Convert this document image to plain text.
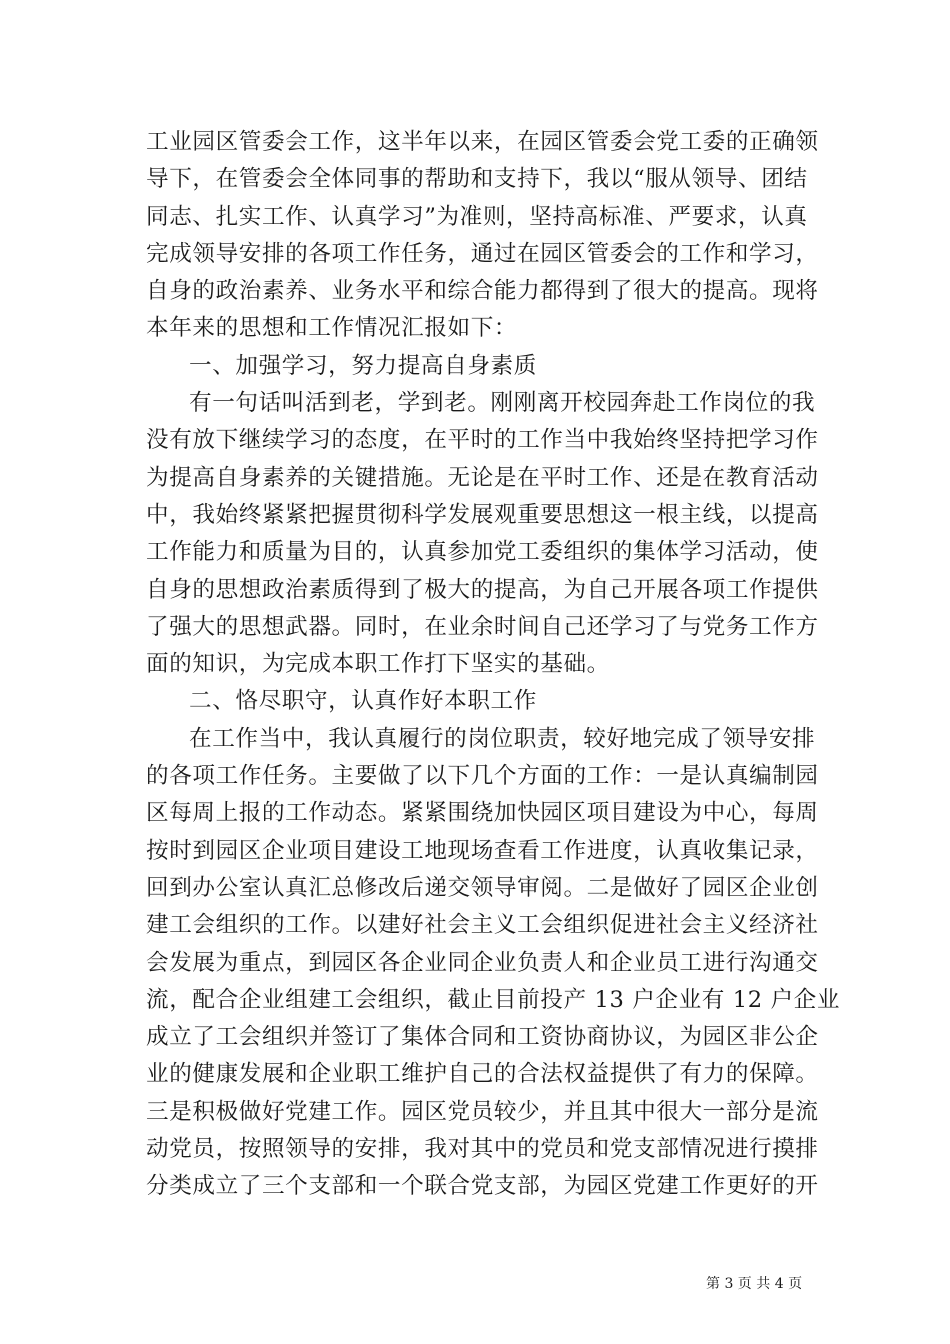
工业园区管委会工作，这半年以来，在园区管委会党工委的正确领
导下，在管委会全体同事的帮助和支持下，我以“服从领导、团结
同志、扎实工作、认真学习”为准则，坚持高标准、严要求，认真
完成领导安排的各项工作任务，通过在园区管委会的工作和学习，
自身的政治素养、业务水平和综合能力都得到了很大的提高。现将
本年来的思想和工作情况汇报如下：
一、加强学习，努力提高自身素质
有一句话叫活到老，学到老。刚刚离开校园奔赴工作岗位的我
没有放下继续学习的态度，在平时的工作当中我始终坚持把学习作
为提高自身素养的关键措施。无论是在平时工作、还是在教育活动
中，我始终紧紧把握贯彻科学发展观重要思想这一根主线，以提高
工作能力和质量为目的，认真参加党工委组织的集体学习活动，使
自身的思想政治素质得到了极大的提高，为自己开展各项工作提供
了强大的思想武器。同时，在业余时间自己还学习了与党务工作方
面的知识，为完成本职工作打下坚实的基础。
二、恪尽职守，认真作好本职工作
在工作当中，我认真履行的岗位职责，较好地完成了领导安排
的各项工作任务。主要做了以下几个方面的工作：一是认真编制园
区每周上报的工作动态。紧紧围绕加快园区项目建设为中心，每周
按时到园区企业项目建设工地现场查看工作进度，认真收集记录，
回到办公室认真汇总修改后递交领导审阅。二是做好了园区企业创
建工会组织的工作。以建好社会主义工会组织促进社会主义经济社
会发展为重点，到园区各企业同企业负责人和企业员工进行沟通交
流，配合企业组建工会组织，截止目前投产 13 户企业有 12 户企业
成立了工会组织并签订了集体合同和工资协商协议，为园区非公企
业的健康发展和企业职工维护自己的合法权益提供了有力的保障。
三是积极做好党建工作。园区党员较少，并且其中很大一部分是流
动党员，按照领导的安排，我对其中的党员和党支部情况进行摸排
分类成立了三个支部和一个联合党支部，为园区党建工作更好的开
第 3 页 共 4 页
